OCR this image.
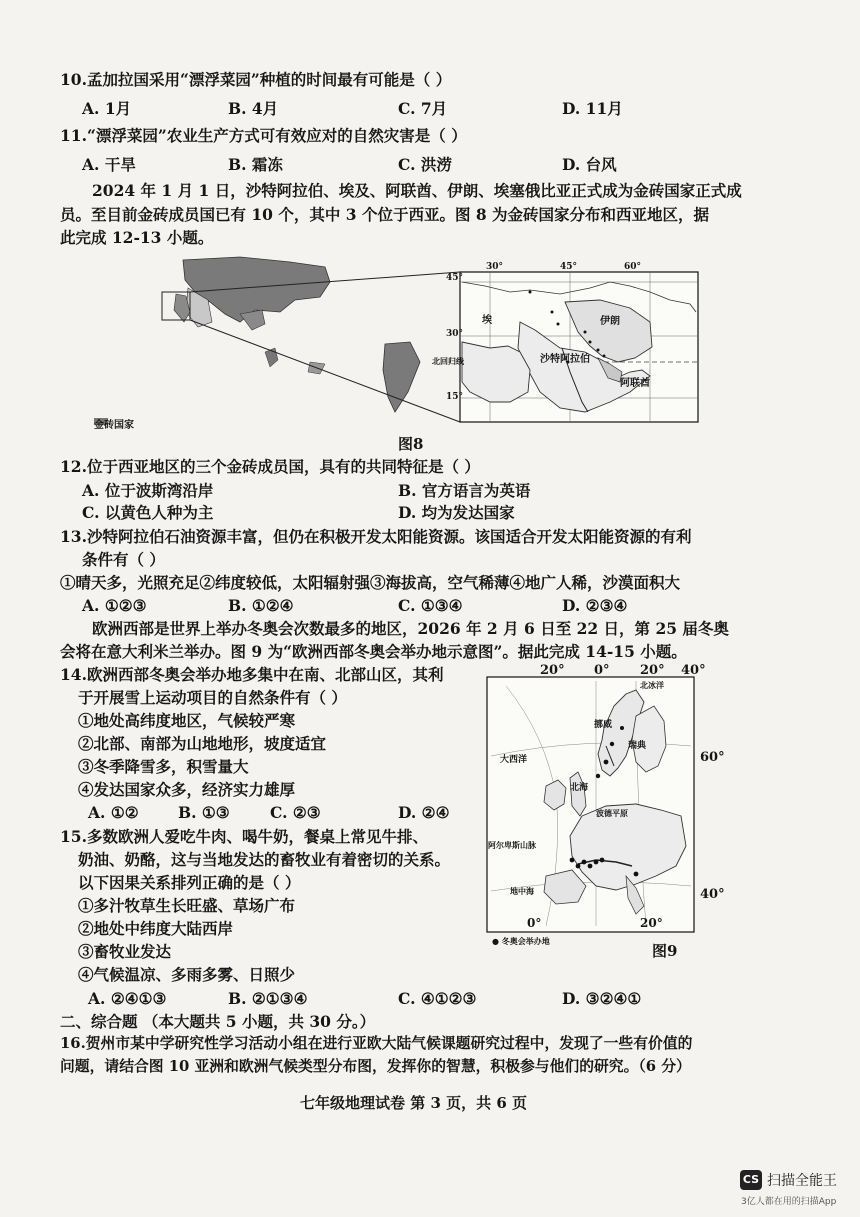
10.孟加拉国采用“漂浮菜园”种植的时间最有可能是（ ）
A. 1月	B. 4月	C. 7月	D. 11月
11.“漂浮菜园”农业生产方式可有效应对的自然灾害是（ ）
A. 干旱	B. 霜冻	C. 洪涝	D. 台风
2024 年 1 月 1 日，沙特阿拉伯、埃及、阿联酋、伊朗、埃塞俄比亚正式成为金砖国家正式成
员。至目前金砖成员国已有 10 个，其中 3 个位于西亚。图 8 为金砖国家分布和西亚地区，据
此完成 12-13 小题。
金砖国家
30°	45°	60°
45°
30°
15°
北回归线
伊朗
沙特阿拉伯
阿联酋
埃
图8
12.位于西亚地区的三个金砖成员国，具有的共同特征是（ ）
A. 位于波斯湾沿岸	B. 官方语言为英语
C. 以黄色人种为主	D. 均为发达国家
13.沙特阿拉伯石油资源丰富，但仍在积极开发太阳能资源。该国适合开发太阳能资源的有利
条件有（ ）
①晴天多，光照充足②纬度较低，太阳辐射强③海拔高，空气稀薄④地广人稀，沙漠面积大
A. ①②③	B. ①②④	C. ①③④	D. ②③④
欧洲西部是世界上举办冬奥会次数最多的地区，2026 年 2 月 6 日至 22 日，第 25 届冬奥
会将在意大利米兰举办。图 9 为“欧洲西部冬奥会举办地示意图”。据此完成 14-15 小题。
14.欧洲西部冬奥会举办地多集中在南、北部山区，其利
于开展雪上运动项目的自然条件有（ ）
①地处高纬度地区，气候较严寒
②北部、南部为山地地形，坡度适宜
③冬季降雪多，积雪量大
④发达国家众多，经济实力雄厚
A. ①②	B. ①③	C. ②③	D. ②④
15.多数欧洲人爱吃牛肉、喝牛奶，餐桌上常见牛排、
奶油、奶酪，这与当地发达的畜牧业有着密切的关系。
以下因果关系排列正确的是（ ）
①多汁牧草生长旺盛、草场广布
②地处中纬度大陆西岸
③畜牧业发达
④气候温凉、多雨多雾、日照少
A. ②④①③	B. ②①③④	C. ④①②③	D. ③②④①
20° 0° 20° 40°
60°
40°
0°	20°
北冰洋
挪威
瑞典
大西洋
北海
波德平原
阿尔卑斯山脉
地中海
● 冬奥会举办地
图9
二、综合题 （本大题共 5 小题，共 30 分。）
16.贺州市某中学研究性学习活动小组在进行亚欧大陆气候课题研究过程中，发现了一些有价值的
问题，请结合图 10 亚洲和欧洲气候类型分布图，发挥你的智慧，积极参与他们的研究。（6 分）
七年级地理试卷 第 3 页，共 6 页
CS 扫描全能王
3亿人都在用的扫描App
